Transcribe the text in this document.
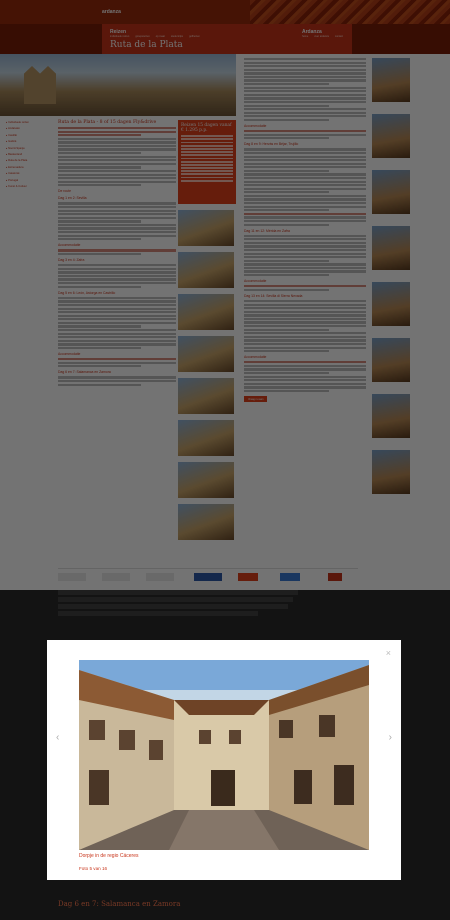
▸
▸
▸
▸
▸
▸
▸
▸
▸
▸
▸
Dag 6 en 7: Salamanca en Zamora
×
‹	›
Dorpje in de regio Cáceres
Foto 5 van 16
